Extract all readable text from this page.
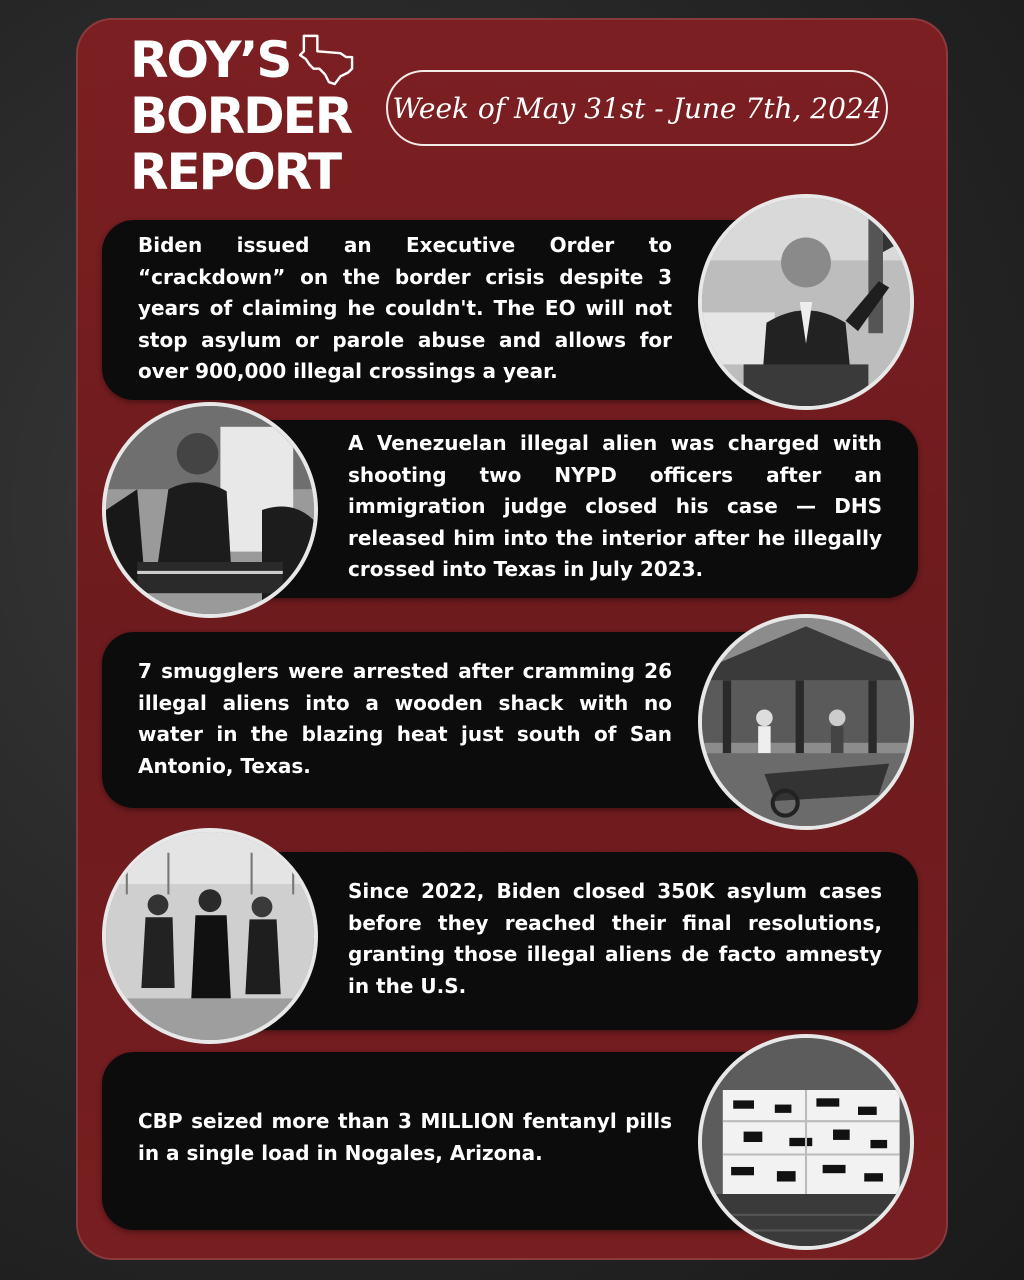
ROY’S
BORDER
REPORT
Week of May 31st - June 7th, 2024
Biden issued an Executive Order to “crackdown” on the border crisis despite 3 years of claiming he couldn't. The EO will not stop asylum or parole abuse and allows for over 900,000 illegal crossings a year.
A Venezuelan illegal alien was charged with shooting two NYPD officers after an immigration judge closed his case — DHS released him into the interior after he illegally crossed into Texas in July 2023.
7 smugglers were arrested after cramming 26 illegal aliens into a wooden shack with no water in the blazing heat just south of San Antonio, Texas.
Since 2022, Biden closed 350K asylum cases before they reached their final resolutions, granting those illegal aliens de facto amnesty in the U.S.
CBP seized more than 3 MILLION fentanyl pills in a single load in Nogales, Arizona.
